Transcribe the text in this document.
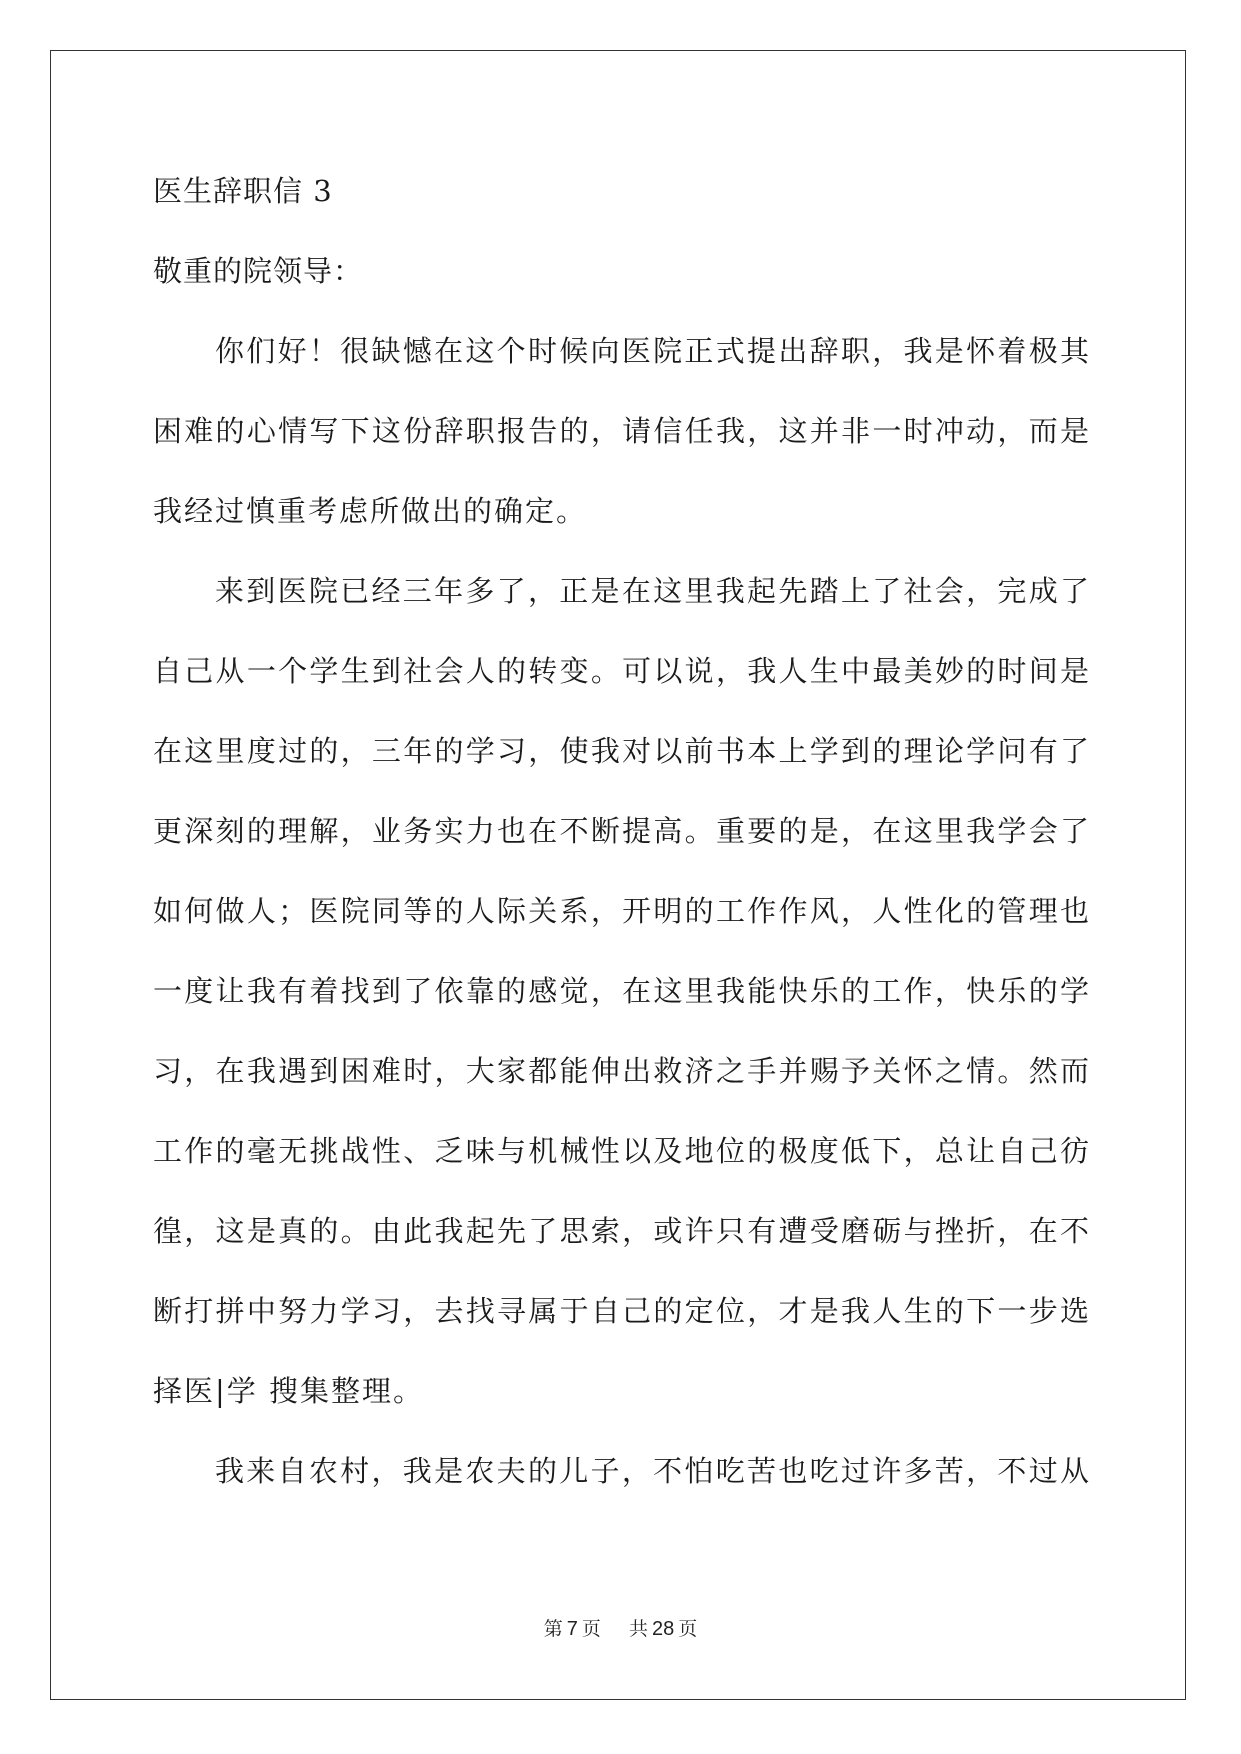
医生辞职信 3
敬重的院领导：
你们好！很缺憾在这个时候向医院正式提出辞职，我是怀着极其
困难的心情写下这份辞职报告的，请信任我，这并非一时冲动，而是
我经过慎重考虑所做出的确定。
来到医院已经三年多了，正是在这里我起先踏上了社会，完成了
自己从一个学生到社会人的转变。可以说，我人生中最美妙的时间是
在这里度过的，三年的学习，使我对以前书本上学到的理论学问有了
更深刻的理解，业务实力也在不断提高。重要的是，在这里我学会了
如何做人；医院同等的人际关系，开明的工作作风，人性化的管理也
一度让我有着找到了依靠的感觉，在这里我能快乐的工作，快乐的学
习，在我遇到困难时，大家都能伸出救济之手并赐予关怀之情。然而
工作的毫无挑战性、乏味与机械性以及地位的极度低下，总让自己彷
徨，这是真的。由此我起先了思索，或许只有遭受磨砺与挫折，在不
断打拼中努力学习，去找寻属于自己的定位，才是我人生的下一步选
择医|学 搜集整理。
我来自农村，我是农夫的儿子，不怕吃苦也吃过许多苦，不过从
第 7 页 共 28 页
